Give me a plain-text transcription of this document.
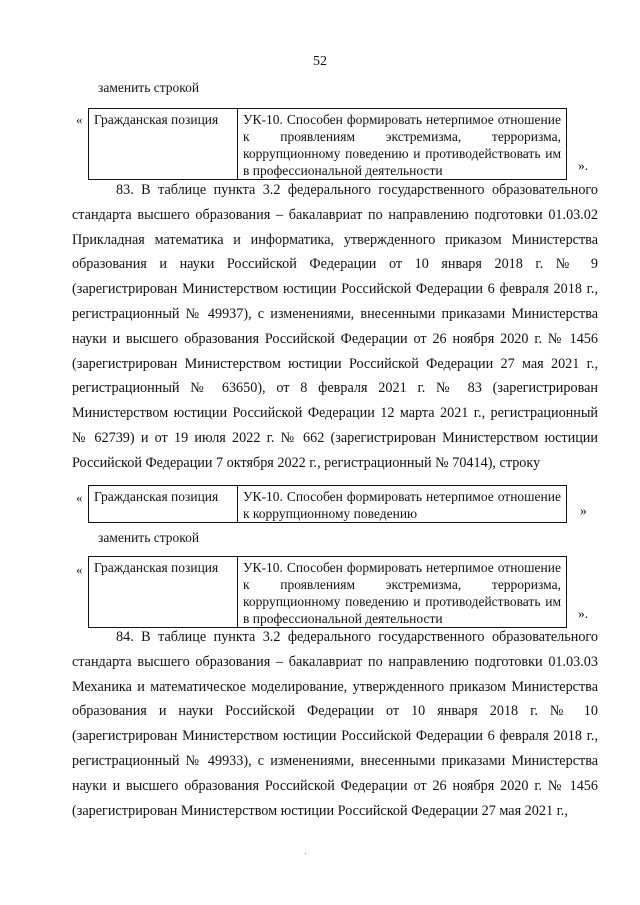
52
заменить строкой
« Гражданская позиция	УК-10. Способен формировать нетерпимое отношение к проявлениям экстремизма, терроризма, коррупционному поведению и противодействовать им в профессиональной деятельности	».
83. В таблице пункта 3.2 федерального государственного образовательного стандарта высшего образования – бакалавриат по направлению подготовки 01.03.02 Прикладная математика и информатика, утвержденного приказом Министерства образования и науки Российской Федерации от 10 января 2018 г. № 9 (зарегистрирован Министерством юстиции Российской Федерации 6 февраля 2018 г., регистрационный № 49937), с изменениями, внесенными приказами Министерства науки и высшего образования Российской Федерации от 26 ноября 2020 г. № 1456 (зарегистрирован Министерством юстиции Российской Федерации 27 мая 2021 г., регистрационный № 63650), от 8 февраля 2021 г. № 83 (зарегистрирован Министерством юстиции Российской Федерации 12 марта 2021 г., регистрационный № 62739) и от 19 июля 2022 г. № 662 (зарегистрирован Министерством юстиции Российской Федерации 7 октября 2022 г., регистрационный № 70414), строку
« Гражданская позиция	УК-10. Способен формировать нетерпимое отношение к коррупционному поведению	»
заменить строкой
« Гражданская позиция	УК-10. Способен формировать нетерпимое отношение к проявлениям экстремизма, терроризма, коррупционному поведению и противодействовать им в профессиональной деятельности	».
84. В таблице пункта 3.2 федерального государственного образовательного стандарта высшего образования – бакалавриат по направлению подготовки 01.03.03 Механика и математическое моделирование, утвержденного приказом Министерства образования и науки Российской Федерации от 10 января 2018 г. № 10 (зарегистрирован Министерством юстиции Российской Федерации 6 февраля 2018 г., регистрационный № 49933), с изменениями, внесенными приказами Министерства науки и высшего образования Российской Федерации от 26 ноября 2020 г. № 1456 (зарегистрирован Министерством юстиции Российской Федерации 27 мая 2021 г.,
